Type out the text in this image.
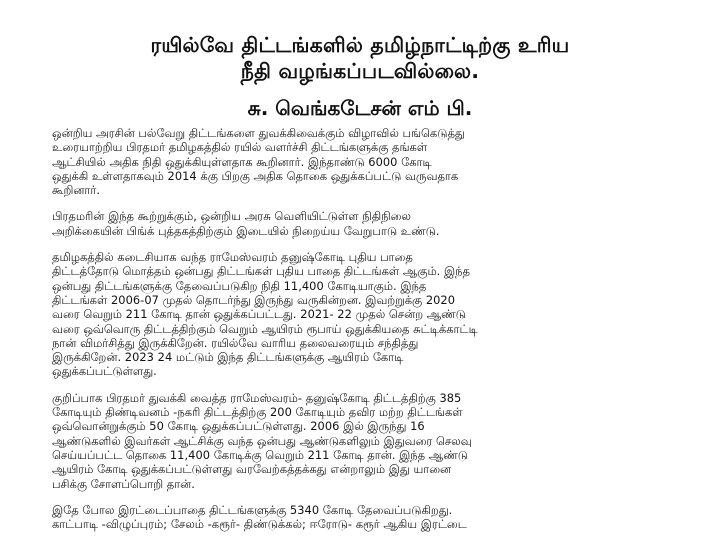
ரயில்வே திட்டங்களில் தமிழ்நாட்டிற்கு உரிய
நீதி வழங்கப்படவில்லை.
சு. வெங்கடேசன் எம் பி.

ஒன்றிய அரசின் பல்வேறு திட்டங்களை துவக்கிவைக்கும் விழாவில் பங்கெடுத்து
உரையாற்றிய பிரதமர் தமிழகத்தில் ரயில் வளர்ச்சி திட்டங்களுக்கு தங்கள்
ஆட்சியில் அதிக நிதி ஒதுக்கியுள்ளதாக கூறினார். இந்தாண்டு 6000 கோடி
ஒதுக்கி உள்ளதாகவும் 2014 க்கு பிறகு அதிக தொகை ஒதுக்கப்பட்டு வருவதாக
கூறினார்.

பிரதமரின் இந்த கூற்றுக்கும், ஒன்றிய அரசு வெளியிட்டுள்ள நிதிநிலை
அறிக்கையின் பிங்க் புத்தகத்திற்கும் இடையில் நிறைய்ய வேறுபாடு உண்டு.

தமிழகத்தில் கடைசியாக வந்த ராமேஸ்வரம் தனுஷ்கோடி புதிய பாதை
திட்டத்தோடு மொத்தம் ஒன்பது திட்டங்கள் புதிய பாதை திட்டங்கள் ஆகும். இந்த
ஒன்பது திட்டங்களுக்கு தேவைப்படுகிற நிதி 11,400 கோடியாகும். இந்த
திட்டங்கள் 2006-07 முதல் தொடர்ந்து இருந்து வருகின்றன. இவற்றுக்கு 2020
வரை வெறும் 211 கோடி தான் ஒதுக்கப்பட்டது. 2021- 22 முதல் சென்ற ஆண்டு
வரை ஒவ்வொரு திட்டத்திற்கும் வெறும் ஆயிரம் ரூபாய் ஒதுக்கியதை சுட்டிக்காட்டி
நான் விமர்சித்து இருக்கிறேன். ரயில்வே வாரிய தலைவரையும் சந்தித்து
இருக்கிறேன். 2023 24 மட்டும் இந்த திட்டங்களுக்கு ஆயிரம் கோடி
ஒதுக்கப்பட்டுள்ளது.

குறிப்பாக பிரதமர் துவக்கி வைத்த ராமேஸ்வரம்- தனுஷ்கோடி திட்டத்திற்கு 385
கோடியும் திண்டிவனம் -நகரி திட்டத்திற்கு 200 கோடியும் தவிர மற்ற திட்டங்கள்
ஒவ்வொன்றுக்கும் 50 கோடி ஒதுக்கப்பட்டுள்ளது. 2006 இல் இருந்து 16
ஆண்டுகளில் இவர்கள் ஆட்சிக்கு வந்த ஒன்பது ஆண்டுகளிலும் இதுவரை செலவு
செய்யப்பட்ட தொகை 11,400 கோடிக்கு வெறும் 211 கோடி தான். இந்த ஆண்டு
ஆயிரம் கோடி ஒதுக்கப்பட்டுள்ளது வரவேற்கத்தக்கது என்றாலும் இது யானை
பசிக்கு சோளப்பொறி தான்.

இதே போல இரட்டைப்பாதை திட்டங்களுக்கு 5340 கோடி தேவைப்படுகிறது.
காட்பாடி -விழுப்புரம்; சேலம் -கரூர்- திண்டுக்கல்; ஈரோடு- கரூர் ஆகிய இரட்டை
